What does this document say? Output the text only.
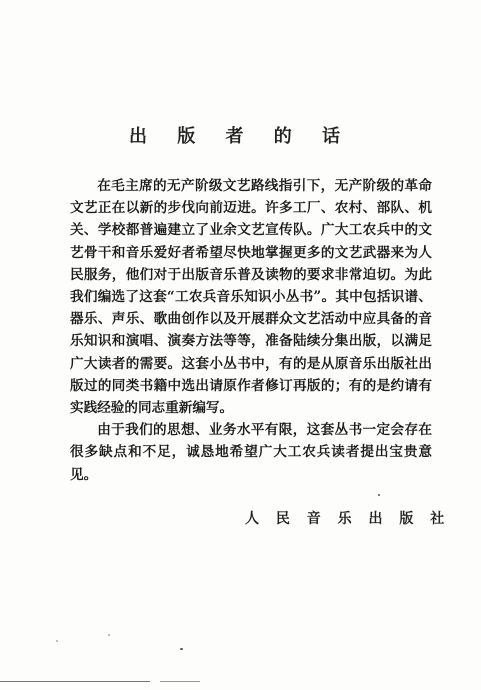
出 版 者 的 话

在毛主席的无产阶级文艺路线指引下，无产阶级的革命文艺正在以新的步伐向前迈进。许多工厂、农村、部队、机关、学校都普遍建立了业余文艺宣传队。广大工农兵中的文艺骨干和音乐爱好者希望尽快地掌握更多的文艺武器来为人民服务，他们对于出版音乐普及读物的要求非常迫切。为此我们编选了这套“工农兵音乐知识小丛书”。其中包括识谱、器乐、声乐、歌曲创作以及开展群众文艺活动中应具备的音乐知识和演唱、演奏方法等等，准备陆续分集出版，以满足广大读者的需要。这套小丛书中，有的是从原音乐出版社出版过的同类书籍中选出请原作者修订再版的；有的是约请有实践经验的同志重新编写。

由于我们的思想、业务水平有限，这套丛书一定会存在很多缺点和不足，诚恳地希望广大工农兵读者提出宝贵意见。

人 民 音 乐 出 版 社
